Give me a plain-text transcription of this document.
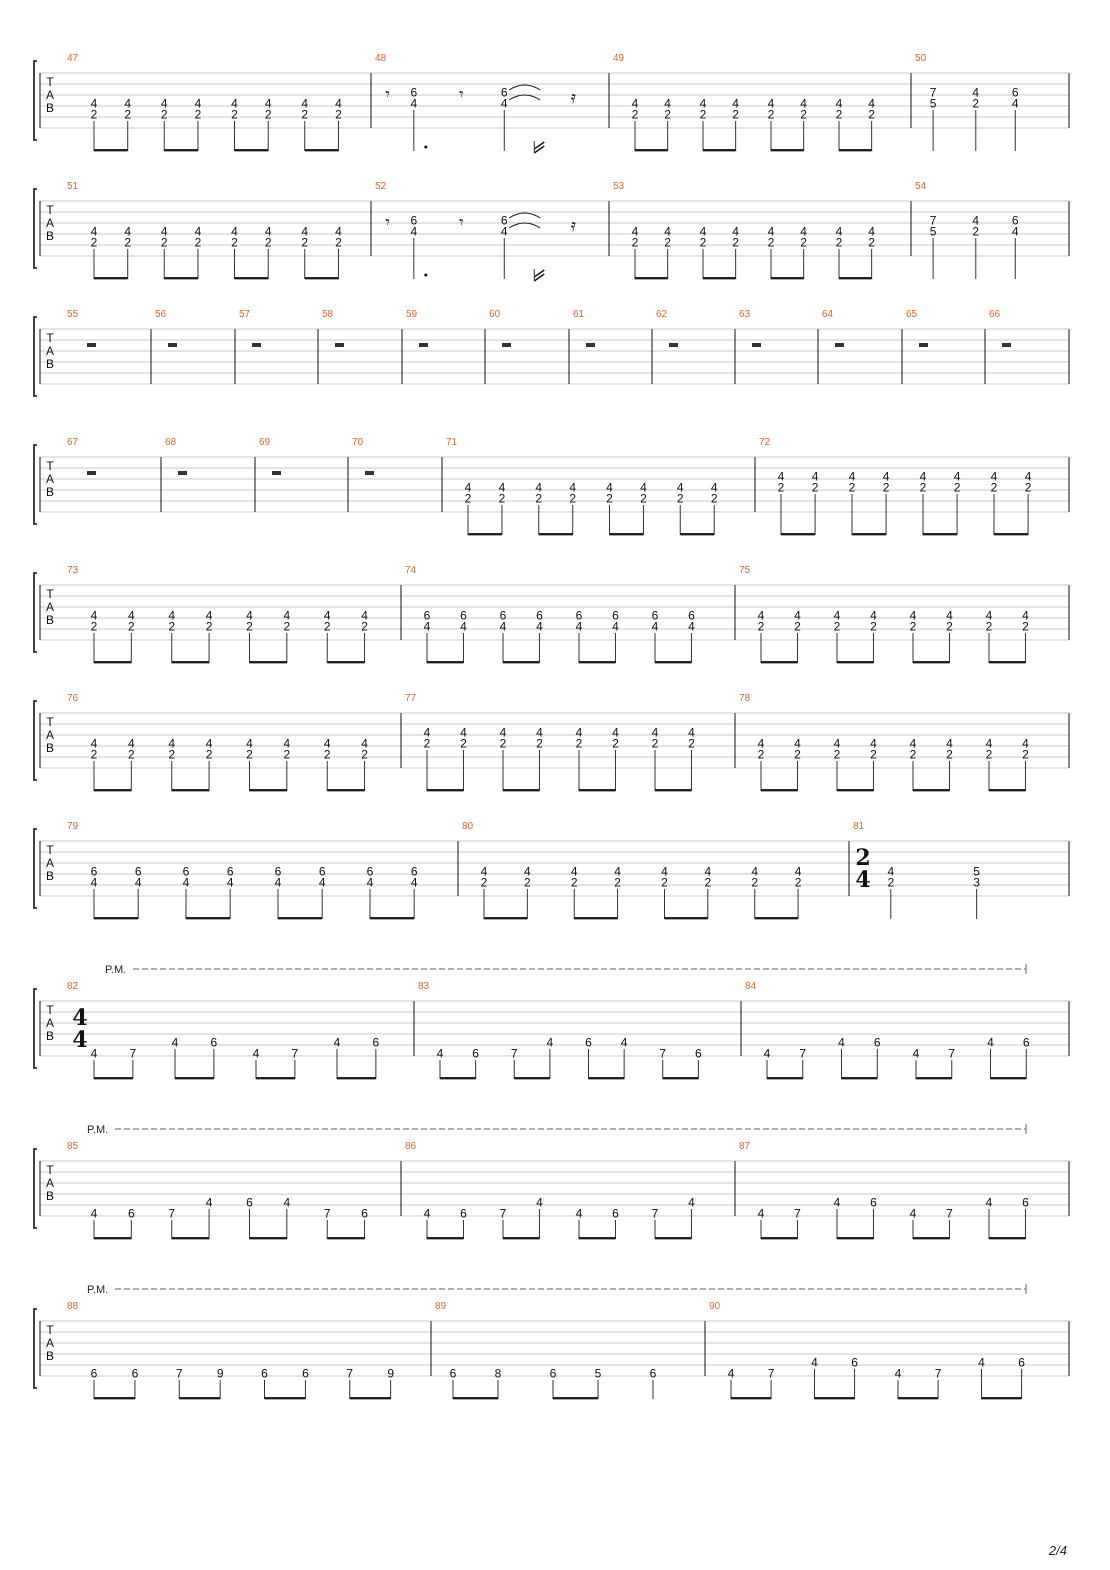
T
A
B
47
4
2
4
2
4
2
4
2
4
2
4
2
4
2
4
2
48
𝄾 6
4 𝄾	6
4	𝄿
49
4
2
4
2
4
2
4
2
4
2
4
2
4
2
4
2
50
7
5
4
2
6
4
T
A
B
51
4
2
4
2
4
2
4
2
4
2
4
2
4
2
4
2
52
𝄾 6
4 𝄾	6
4	𝄿
53
4
2
4
2
4
2
4
2
4
2
4
2
4
2
4
2
54
7
5
4
2
6
4
T
A
B
55	56	57	58	59	60	61	62	63	64	65	66
T
A
B
67	68	69	70	71
4
2
4
2
4
2
4
2
4
2
4
2
4
2
4
2
72
4
2
4
2
4
2
4
2
4
2
4
2
4
2
4
2
T
A
B
73
4
2
4
2
4
2
4
2
4
2
4
2
4
2
4
2
74
6
4
6
4
6
4
6
4
6
4
6
4
6
4
6
4
75
4
2
4
2
4
2
4
2
4
2
4
2
4
2
4
2
T
A
B
76
4
2
4
2
4
2
4
2
4
2
4
2
4
2
4
2
77
4
2
4
2
4
2
4
2
4
2
4
2
4
2
4
2
78
4
2
4
2
4
2
4
2
4
2
4
2
4
2
4
2
T
A
B
79
6
4
6
4
6
4
6
4
6
4
6
4
6
4
6
4
80
4
2
4
2
4
2
4
2
4
2
4
2
4
2
4
2
81
2
4 4
2
5
3
T
A
B
P.M.
82
4
4
4	7
4	6
4	7
4	6
83
4 6	7
4	6 4
7 6
84
4 7
4 6
4 7
4 6
T
A
B
P.M.
85
4	6	7
4	6	4
7	6
86
4 6	7
4
4 6	7
4
87
4 7
4 6
4 7
4 6
T
A
B
P.M.
88
6	6	7	9	6	6	7	9
89
6	8	6	5	6
90
4	7
4	6
4	7
4	6
2/4
